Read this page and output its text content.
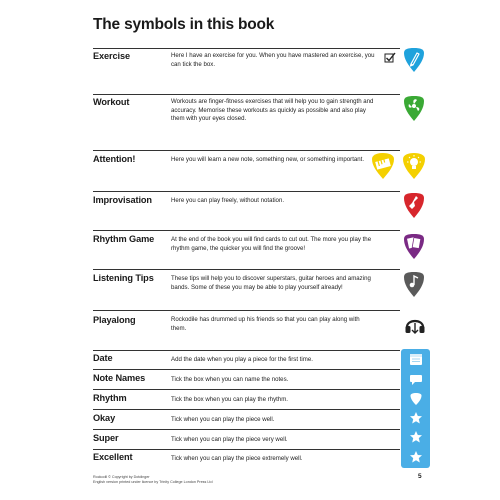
The symbols in this book
Exercise	Here I have an exercise for you. When you have mastered an exercise, you can tick the box.
Workout	Workouts are finger-fitness exercises that will help you to gain strength and accuracy. Memorise these workouts as quickly as possible and also play them with your eyes closed.
Attention!	Here you will learn a new note, something new, or something important.
Improvisation	Here you can play freely, without notation.
Rhythm Game	At the end of the book you will find cards to cut out. The more you play the rhythm game, the quicker you will find the groove!
Listening Tips	These tips will help you to discover superstars, guitar heroes and amazing bands. Some of these you may be able to play yourself already!
Playalong	Rockodile has drummed up his friends so that you can play along with them.
Date	Add the date when you play a piece for the first time.
Note Names	Tick the box when you can name the notes.
Rhythm	Tick the box when you can play the rhythm.
Okay	Tick when you can play the piece well.
Super	Tick when you can play the piece very well.
Excellent	Tick when you can play the piece extremely well.
Rockodil © Copyright by Dotdinger
English version printed under licence by Trinity College London Press Ltd
5
